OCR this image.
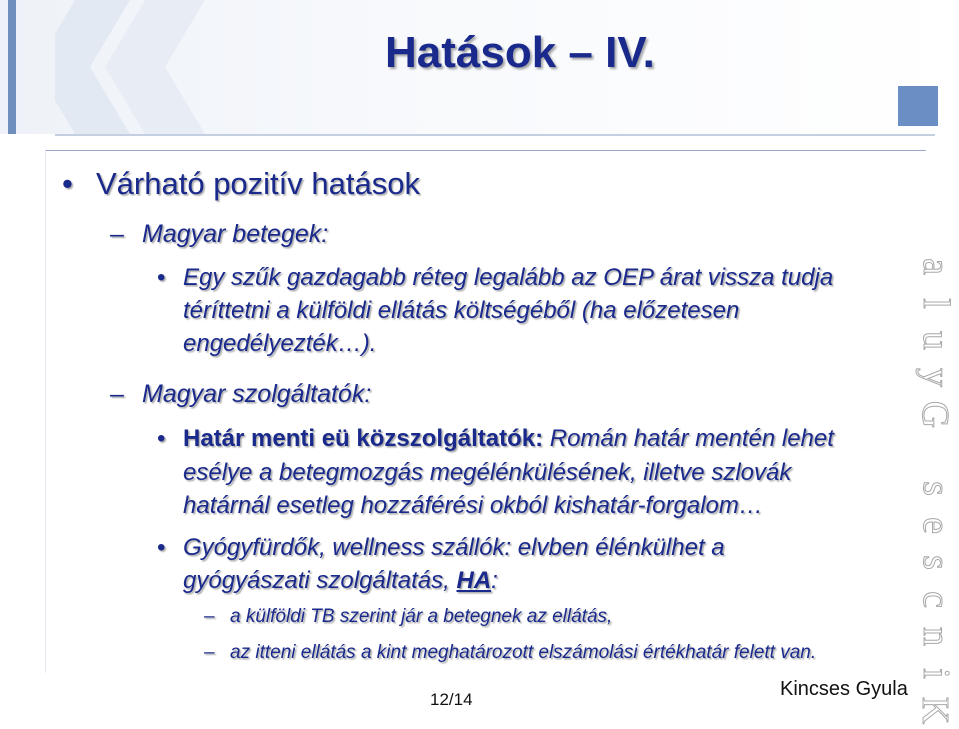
Hatások – IV.

• Várható pozitív hatások

– Magyar betegek:

• Egy szűk gazdagabb réteg legalább az OEP árat vissza tudja

téríttetni a külföldi ellátás költségéből (ha előzetesen

engedélyezték…).

– Magyar szolgáltatók:

• Határ menti eü közszolgáltatók: Román határ mentén lehet

esélye a betegmozgás megélénkülésének, illetve szlovák

határnál esetleg hozzáférési okból kishatár-forgalom…

• Gyógyfürdők, wellness szállók: elvben élénkülhet a

gyógyászati szolgáltatás, HA:

– a külföldi TB szerint jár a betegnek az ellátás,

– az itteni ellátás a kint meghatározott elszámolási értékhatár felett van.

a
l
u
y
G

s
e
s
c
n
i
K

12/14	Kincses Gyula
